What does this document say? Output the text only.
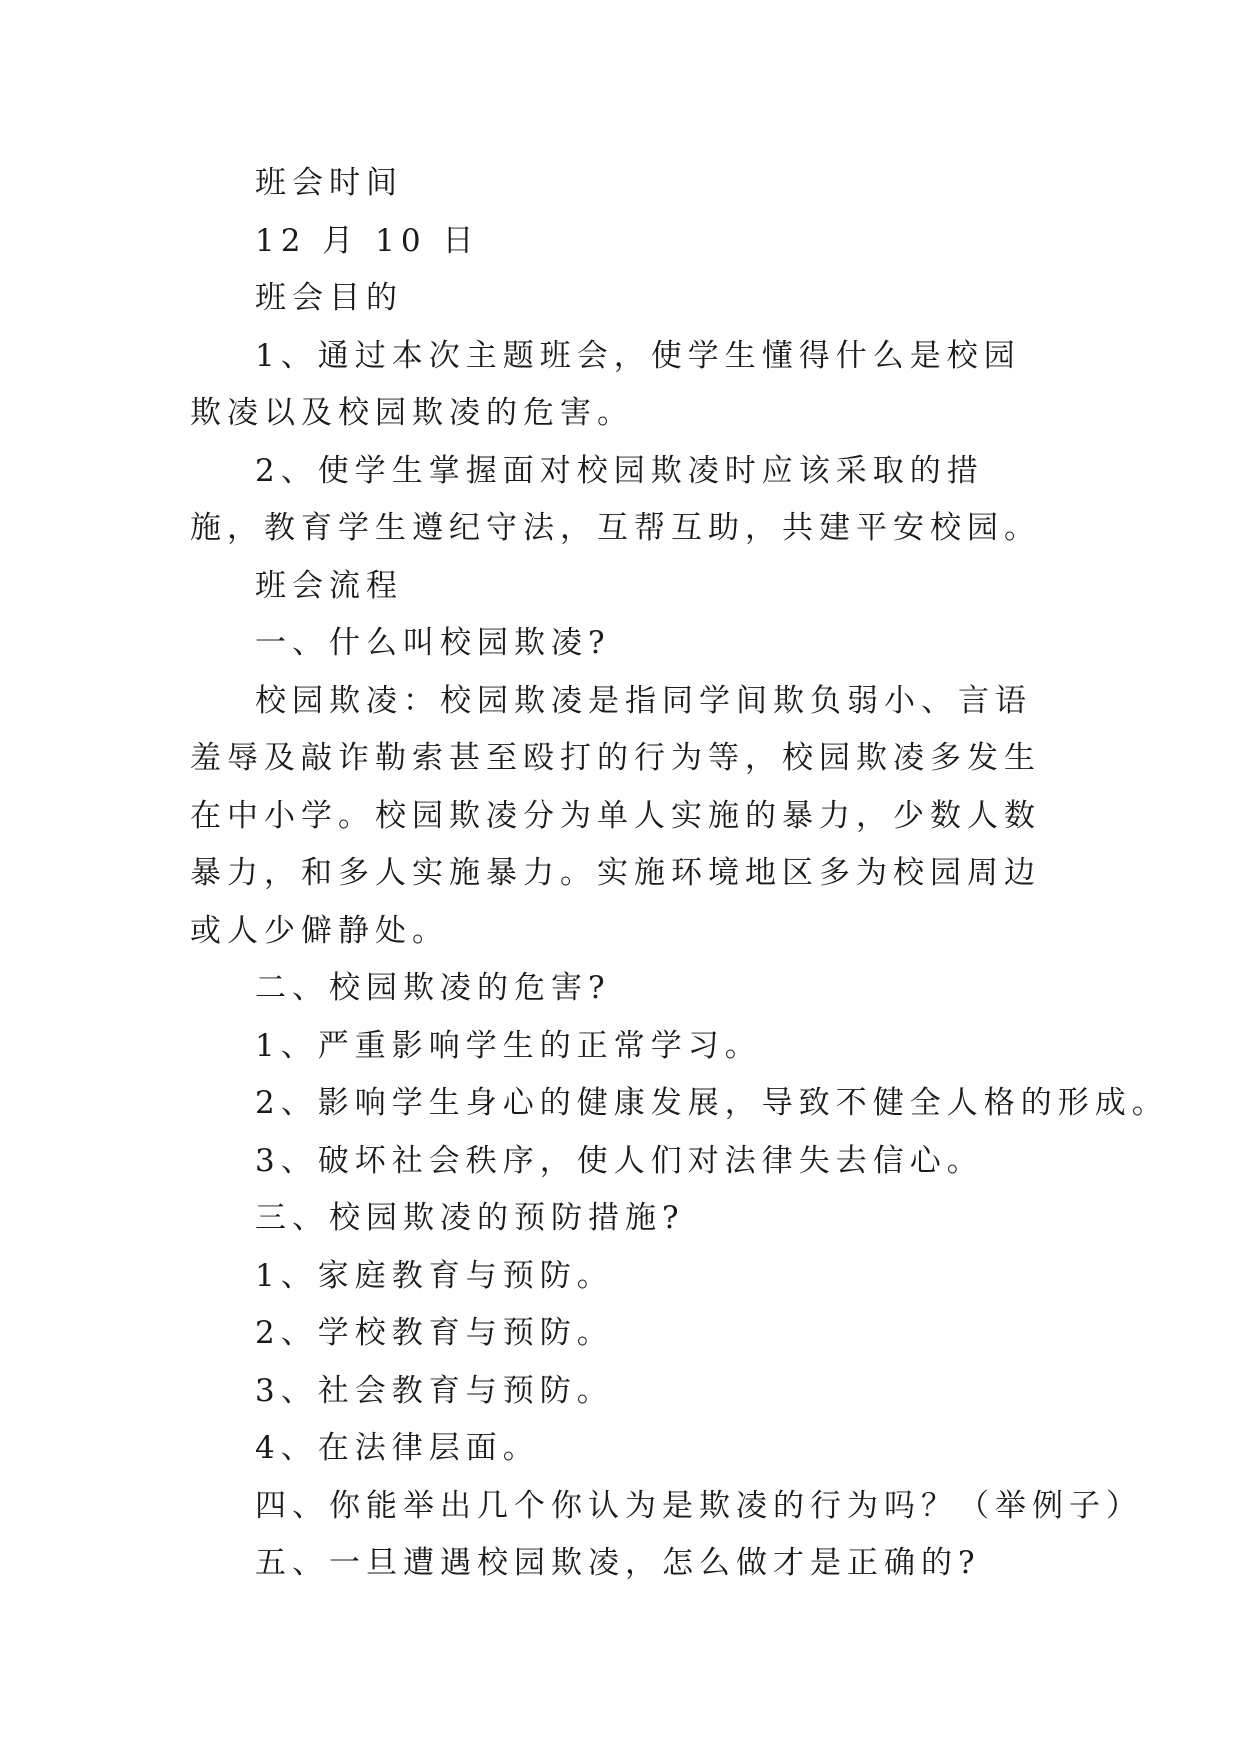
班会时间

12 月 10 日

班会目的

1、通过本次主题班会，使学生懂得什么是校园欺凌以及校园欺凌的危害。

2、使学生掌握面对校园欺凌时应该采取的措施，教育学生遵纪守法，互帮互助，共建平安校园。

班会流程

一、什么叫校园欺凌?

校园欺凌：校园欺凌是指同学间欺负弱小、言语羞辱及敲诈勒索甚至殴打的行为等，校园欺凌多发生在中小学。校园欺凌分为单人实施的暴力，少数人数暴力，和多人实施暴力。实施环境地区多为校园周边或人少僻静处。

二、校园欺凌的危害?

1、严重影响学生的正常学习。

2、影响学生身心的健康发展，导致不健全人格的形成。

3、破坏社会秩序，使人们对法律失去信心。

三、校园欺凌的预防措施?

1、家庭教育与预防。

2、学校教育与预防。

3、社会教育与预防。

4、在法律层面。

四、你能举出几个你认为是欺凌的行为吗？（举例子）

五、一旦遭遇校园欺凌，怎么做才是正确的?
